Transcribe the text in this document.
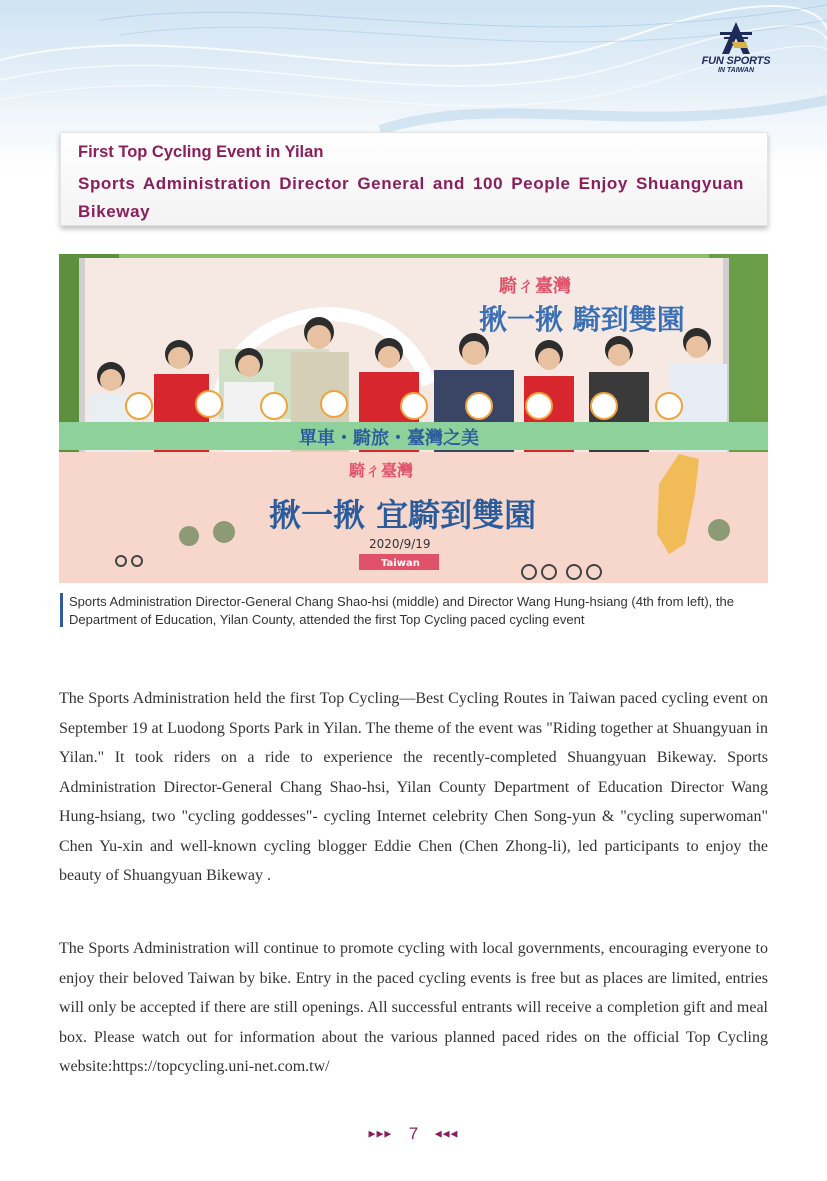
FUN SPORTS
IN TAIWAN
First Top Cycling Event in Yilan
Sports Administration Director General and 100 People Enjoy Shuangyuan Bikeway
騎ㄔ臺灣
揪一揪 騎到雙園
單車・騎旅・臺灣之美
騎ㄔ臺灣
揪一揪 宜騎到雙園
2020/9/19
Taiwan
Sports Administration Director-General Chang Shao-hsi (middle) and Director Wang Hung-hsiang (4th from left), the Department of Education, Yilan County, attended the first Top Cycling paced cycling event

The Sports Administration held the first Top Cycling—Best Cycling Routes in Taiwan paced cycling event on September 19 at Luodong Sports Park in Yilan. The theme of the event was "Riding together at Shuangyuan in Yilan." It took riders on a ride to experience the recently-completed Shuangyuan Bikeway. Sports Administration Director-General Chang Shao-hsi, Yilan County Department of Education Director Wang Hung-hsiang, two "cycling goddesses"- cycling Internet celebrity Chen Song-yun & "cycling superwoman" Chen Yu-xin and well-known cycling blogger Eddie Chen (Chen Zhong-li), led participants to enjoy the beauty of Shuangyuan Bikeway .

The Sports Administration will continue to promote cycling with local governments, encouraging everyone to enjoy their beloved Taiwan by bike. Entry in the paced cycling events is free but as places are limited, entries will only be accepted if there are still openings. All successful entrants will receive a completion gift and meal box. Please watch out for information about the various planned paced rides on the official Top Cycling website:https://topcycling.uni-net.com.tw/

▶▶▶ 7 ◀◀◀
